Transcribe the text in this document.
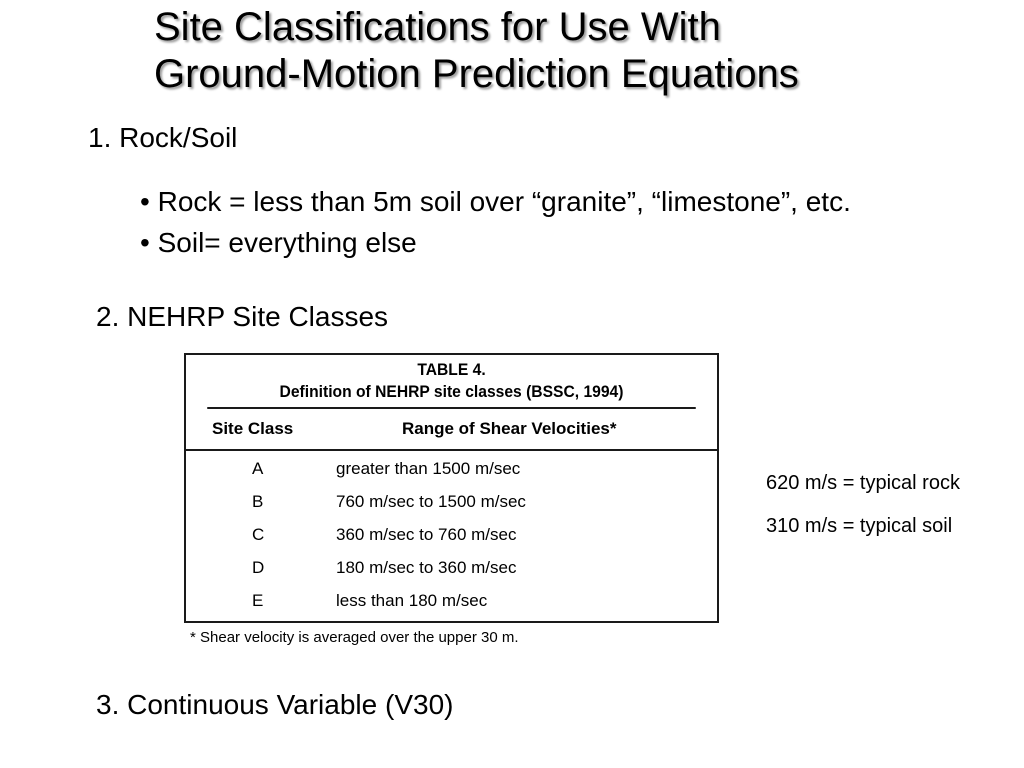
Site Classifications for Use With
Ground-Motion Prediction Equations
1. Rock/Soil
• Rock = less than 5m soil over “granite”, “limestone”, etc.
• Soil= everything else
2. NEHRP Site Classes
TABLE 4.
Definition of NEHRP site classes (BSSC, 1994)
Site Class	Range of Shear Velocities*
A	greater than 1500 m/sec
B	760 m/sec to 1500 m/sec
C	360 m/sec to 760 m/sec
D	180 m/sec to 360 m/sec
E	less than 180 m/sec
* Shear velocity is averaged over the upper 30 m.
620 m/s = typical rock
310 m/s = typical soil
3. Continuous Variable (V30)
